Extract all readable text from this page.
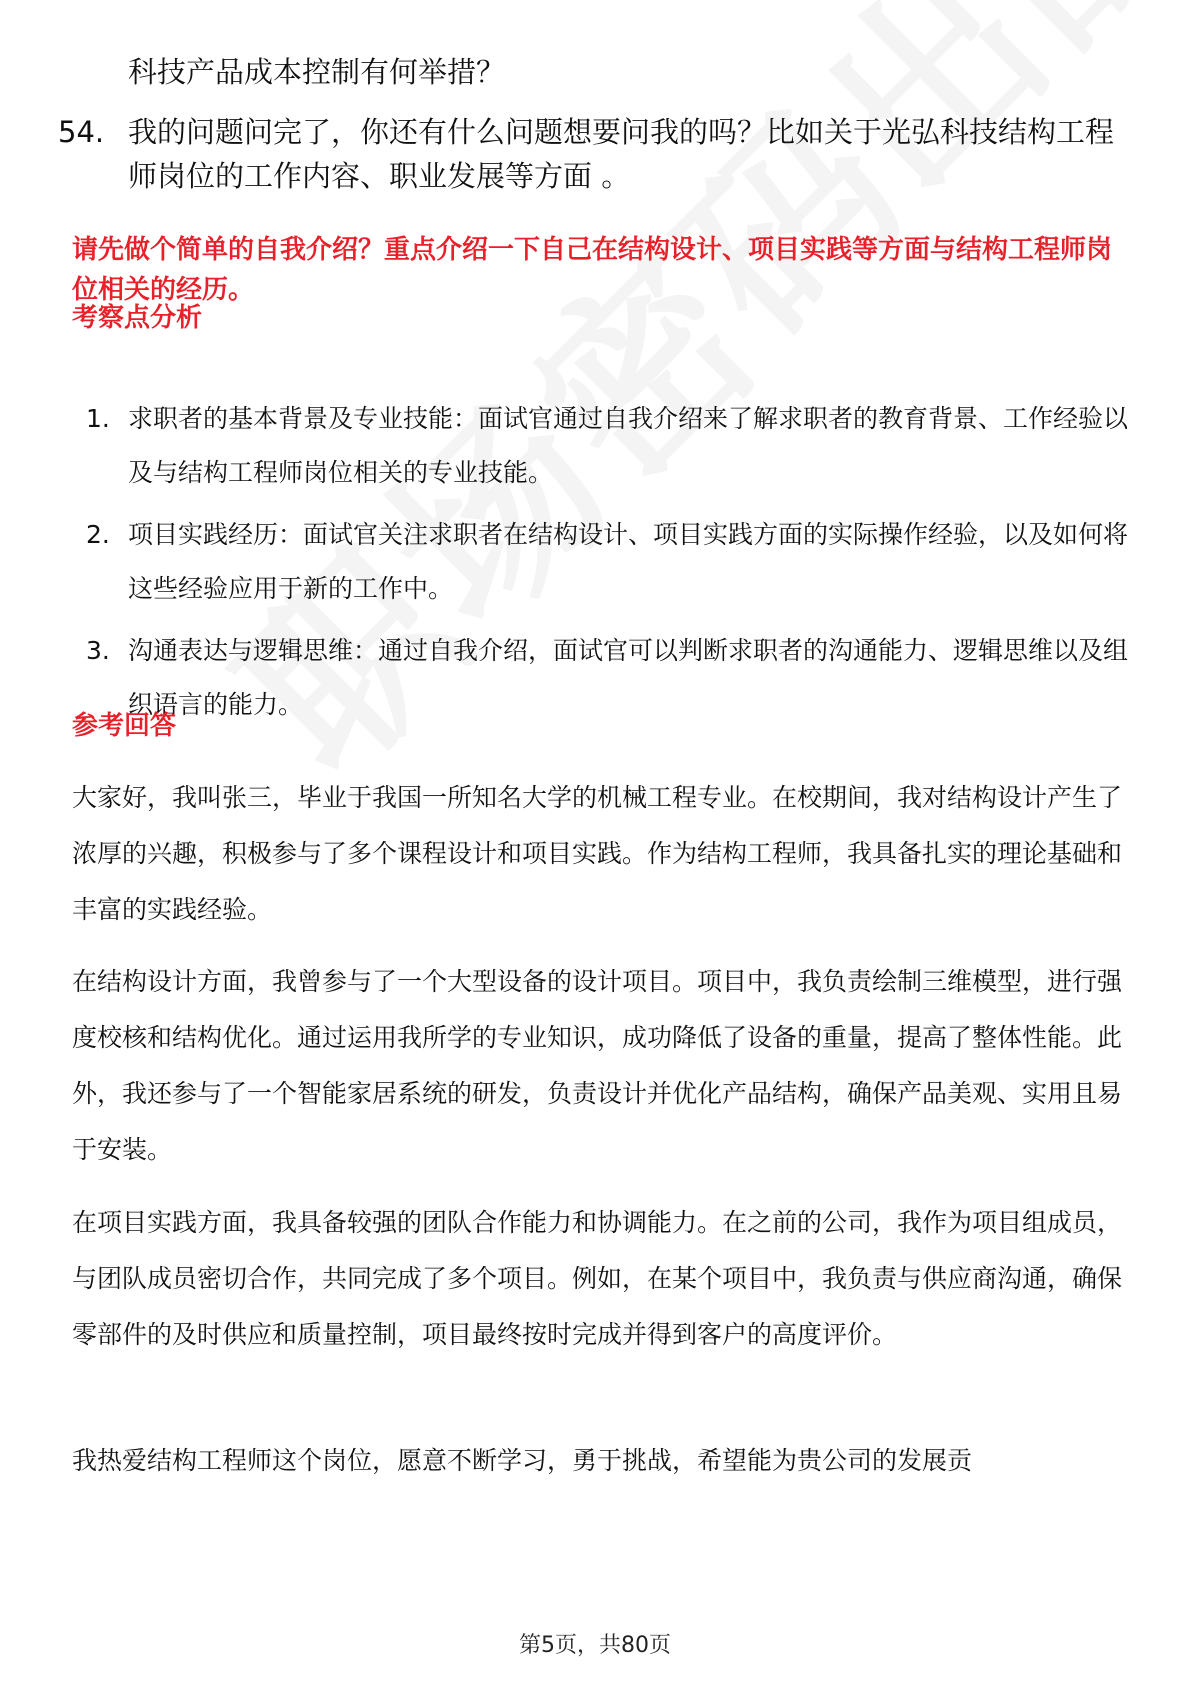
科技产品成本控制有何举措？

54. 我的问题问完了，你还有什么问题想要问我的吗？比如关于光弘科技结构工程师岗位的工作内容、职业发展等方面 。

请先做个简单的自我介绍？重点介绍一下自己在结构设计、项目实践等方面与结构工程师岗位相关的经历。

考察点分析

1. 求职者的基本背景及专业技能：面试官通过自我介绍来了解求职者的教育背景、工作经验以及与结构工程师岗位相关的专业技能。
2. 项目实践经历：面试官关注求职者在结构设计、项目实践方面的实际操作经验，以及如何将这些经验应用于新的工作中。
3. 沟通表达与逻辑思维：通过自我介绍，面试官可以判断求职者的沟通能力、逻辑思维以及组织语言的能力。

参考回答

大家好，我叫张三，毕业于我国一所知名大学的机械工程专业。在校期间，我对结构设计产生了浓厚的兴趣，积极参与了多个课程设计和项目实践。作为结构工程师，我具备扎实的理论基础和丰富的实践经验。

在结构设计方面，我曾参与了一个大型设备的设计项目。项目中，我负责绘制三维模型，进行强度校核和结构优化。通过运用我所学的专业知识，成功降低了设备的重量，提高了整体性能。此外，我还参与了一个智能家居系统的研发，负责设计并优化产品结构，确保产品美观、实用且易于安装。

在项目实践方面，我具备较强的团队合作能力和协调能力。在之前的公司，我作为项目组成员，与团队成员密切合作，共同完成了多个项目。例如，在某个项目中，我负责与供应商沟通，确保零部件的及时供应和质量控制，项目最终按时完成并得到客户的高度评价。

我热爱结构工程师这个岗位，愿意不断学习，勇于挑战，希望能为贵公司的发展贡

第5页，共80页
